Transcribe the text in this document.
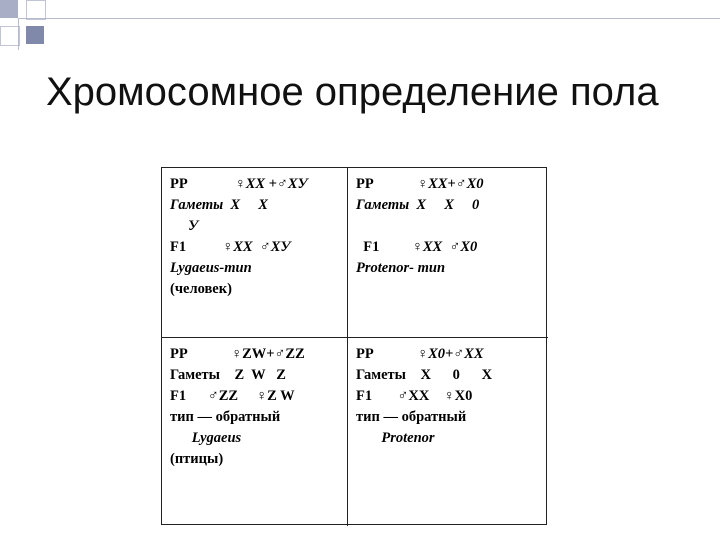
Хромосомное определение пола
РР	♀XX +♂XУ
Гаметы  X     X
У
F1	♀XX  ♂XУ
Lygaeus-тип
(человек)
РР	♀XX+♂X0
Гаметы  X     X     0

F1 ♀XX  ♂X0
Protenor- тип
РР	♀ZW+♂ZZ
Гаметы    Z  W   Z
F1      ♂ZZ     ♀Z W
тип — обратный
Lygaeus
(птицы)
РР	♀X0+♂XX
Гаметы    X      0      X
F1       ♂XX    ♀X0
тип — обратный
Protenor
